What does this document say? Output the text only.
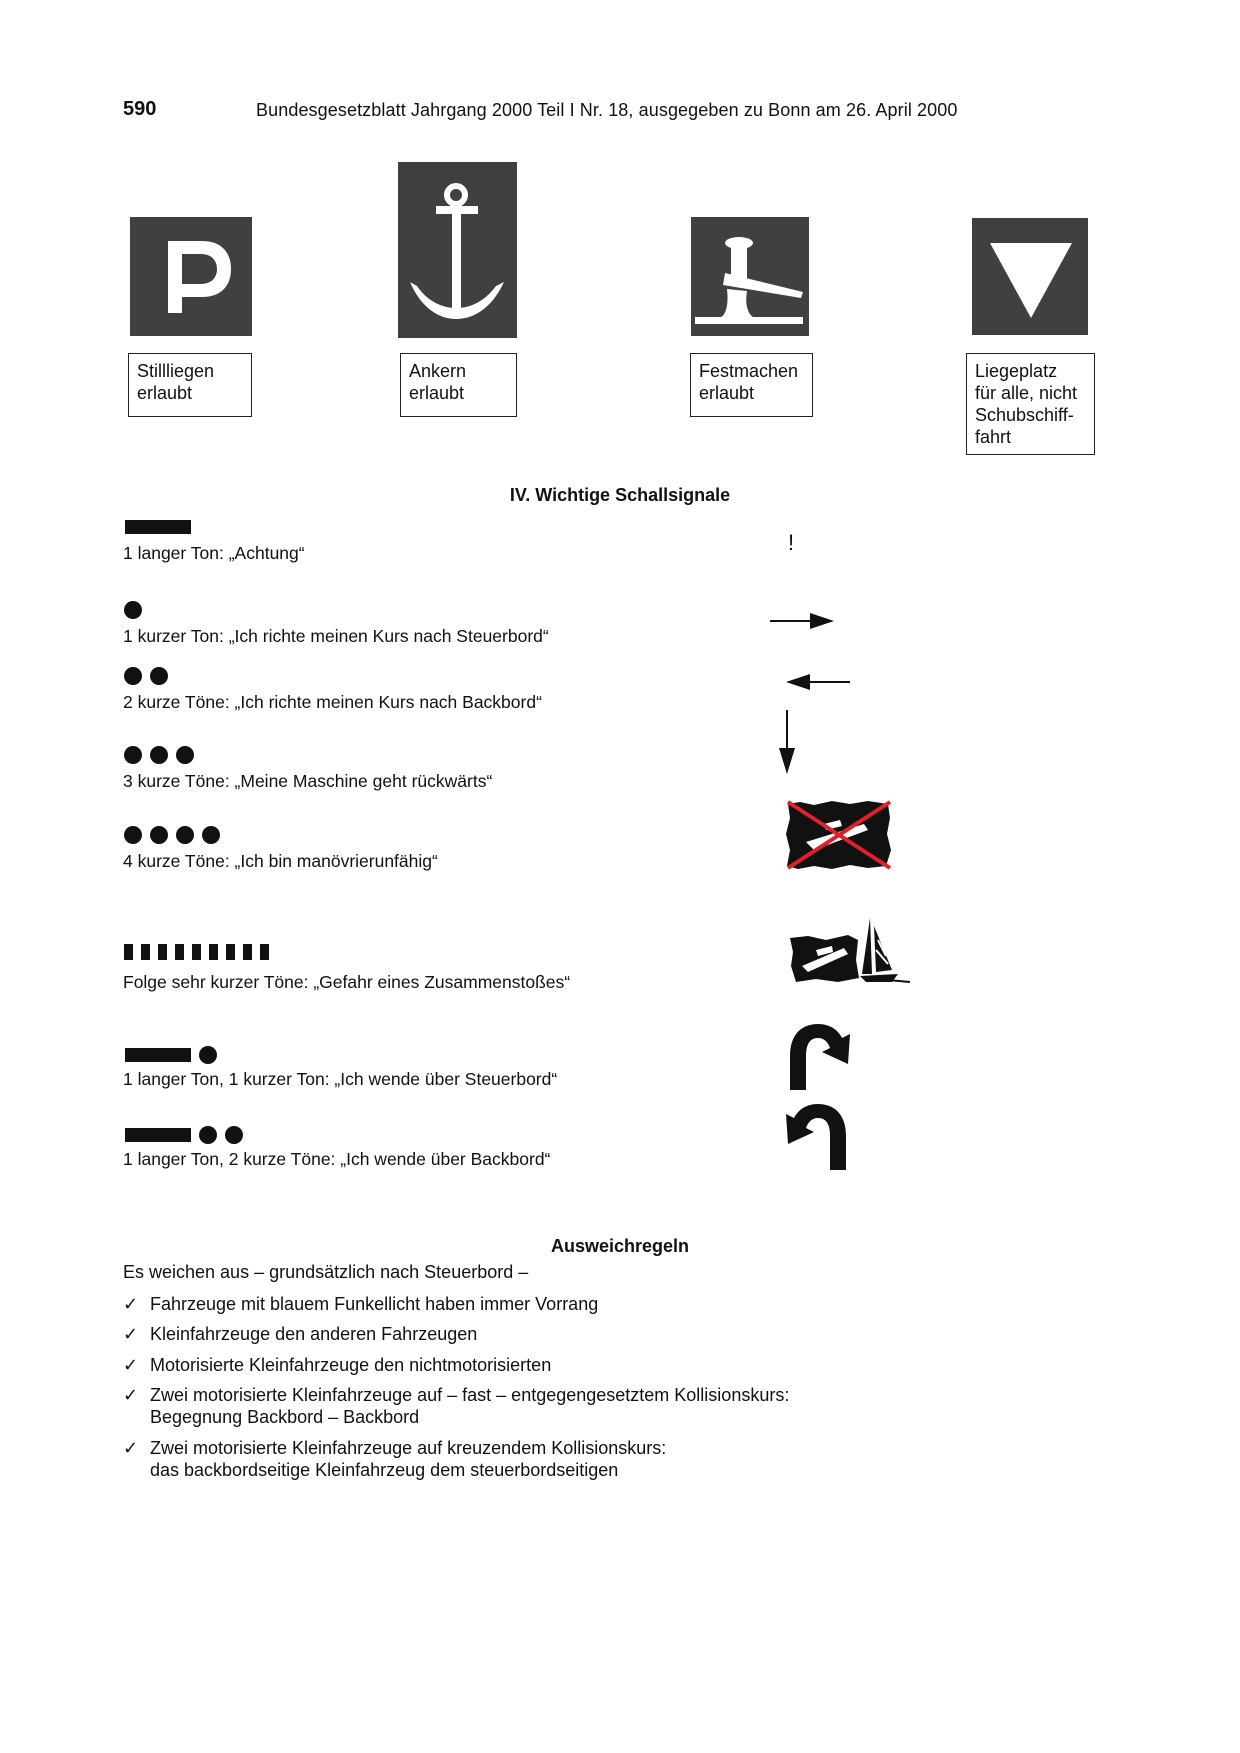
590	Bundesgesetzblatt Jahrgang 2000 Teil I Nr. 18, ausgegeben zu Bonn am 26. April 2000
Stillliegen
erlaubt
Ankern
erlaubt
Festmachen
erlaubt
Liegeplatz
für alle, nicht
Schubschiff-
fahrt
IV. Wichtige Schallsignale
1 langer Ton: „Achtung“	!
1 kurzer Ton: „Ich richte meinen Kurs nach Steuerbord“
2 kurze Töne: „Ich richte meinen Kurs nach Backbord“
3 kurze Töne: „Meine Maschine geht rückwärts“
4 kurze Töne: „Ich bin manövrierunfähig“
Folge sehr kurzer Töne: „Gefahr eines Zusammenstoßes“
1 langer Ton, 1 kurzer Ton: „Ich wende über Steuerbord“
1 langer Ton, 2 kurze Töne: „Ich wende über Backbord“
Ausweichregeln
Es weichen aus – grundsätzlich nach Steuerbord –
✓ Fahrzeuge mit blauem Funkellicht haben immer Vorrang
✓ Kleinfahrzeuge den anderen Fahrzeugen
✓ Motorisierte Kleinfahrzeuge den nichtmotorisierten
✓ Zwei motorisierte Kleinfahrzeuge auf – fast – entgegengesetztem Kollisionskurs:
Begegnung Backbord – Backbord
✓ Zwei motorisierte Kleinfahrzeuge auf kreuzendem Kollisionskurs:
das backbordseitige Kleinfahrzeug dem steuerbordseitigen
